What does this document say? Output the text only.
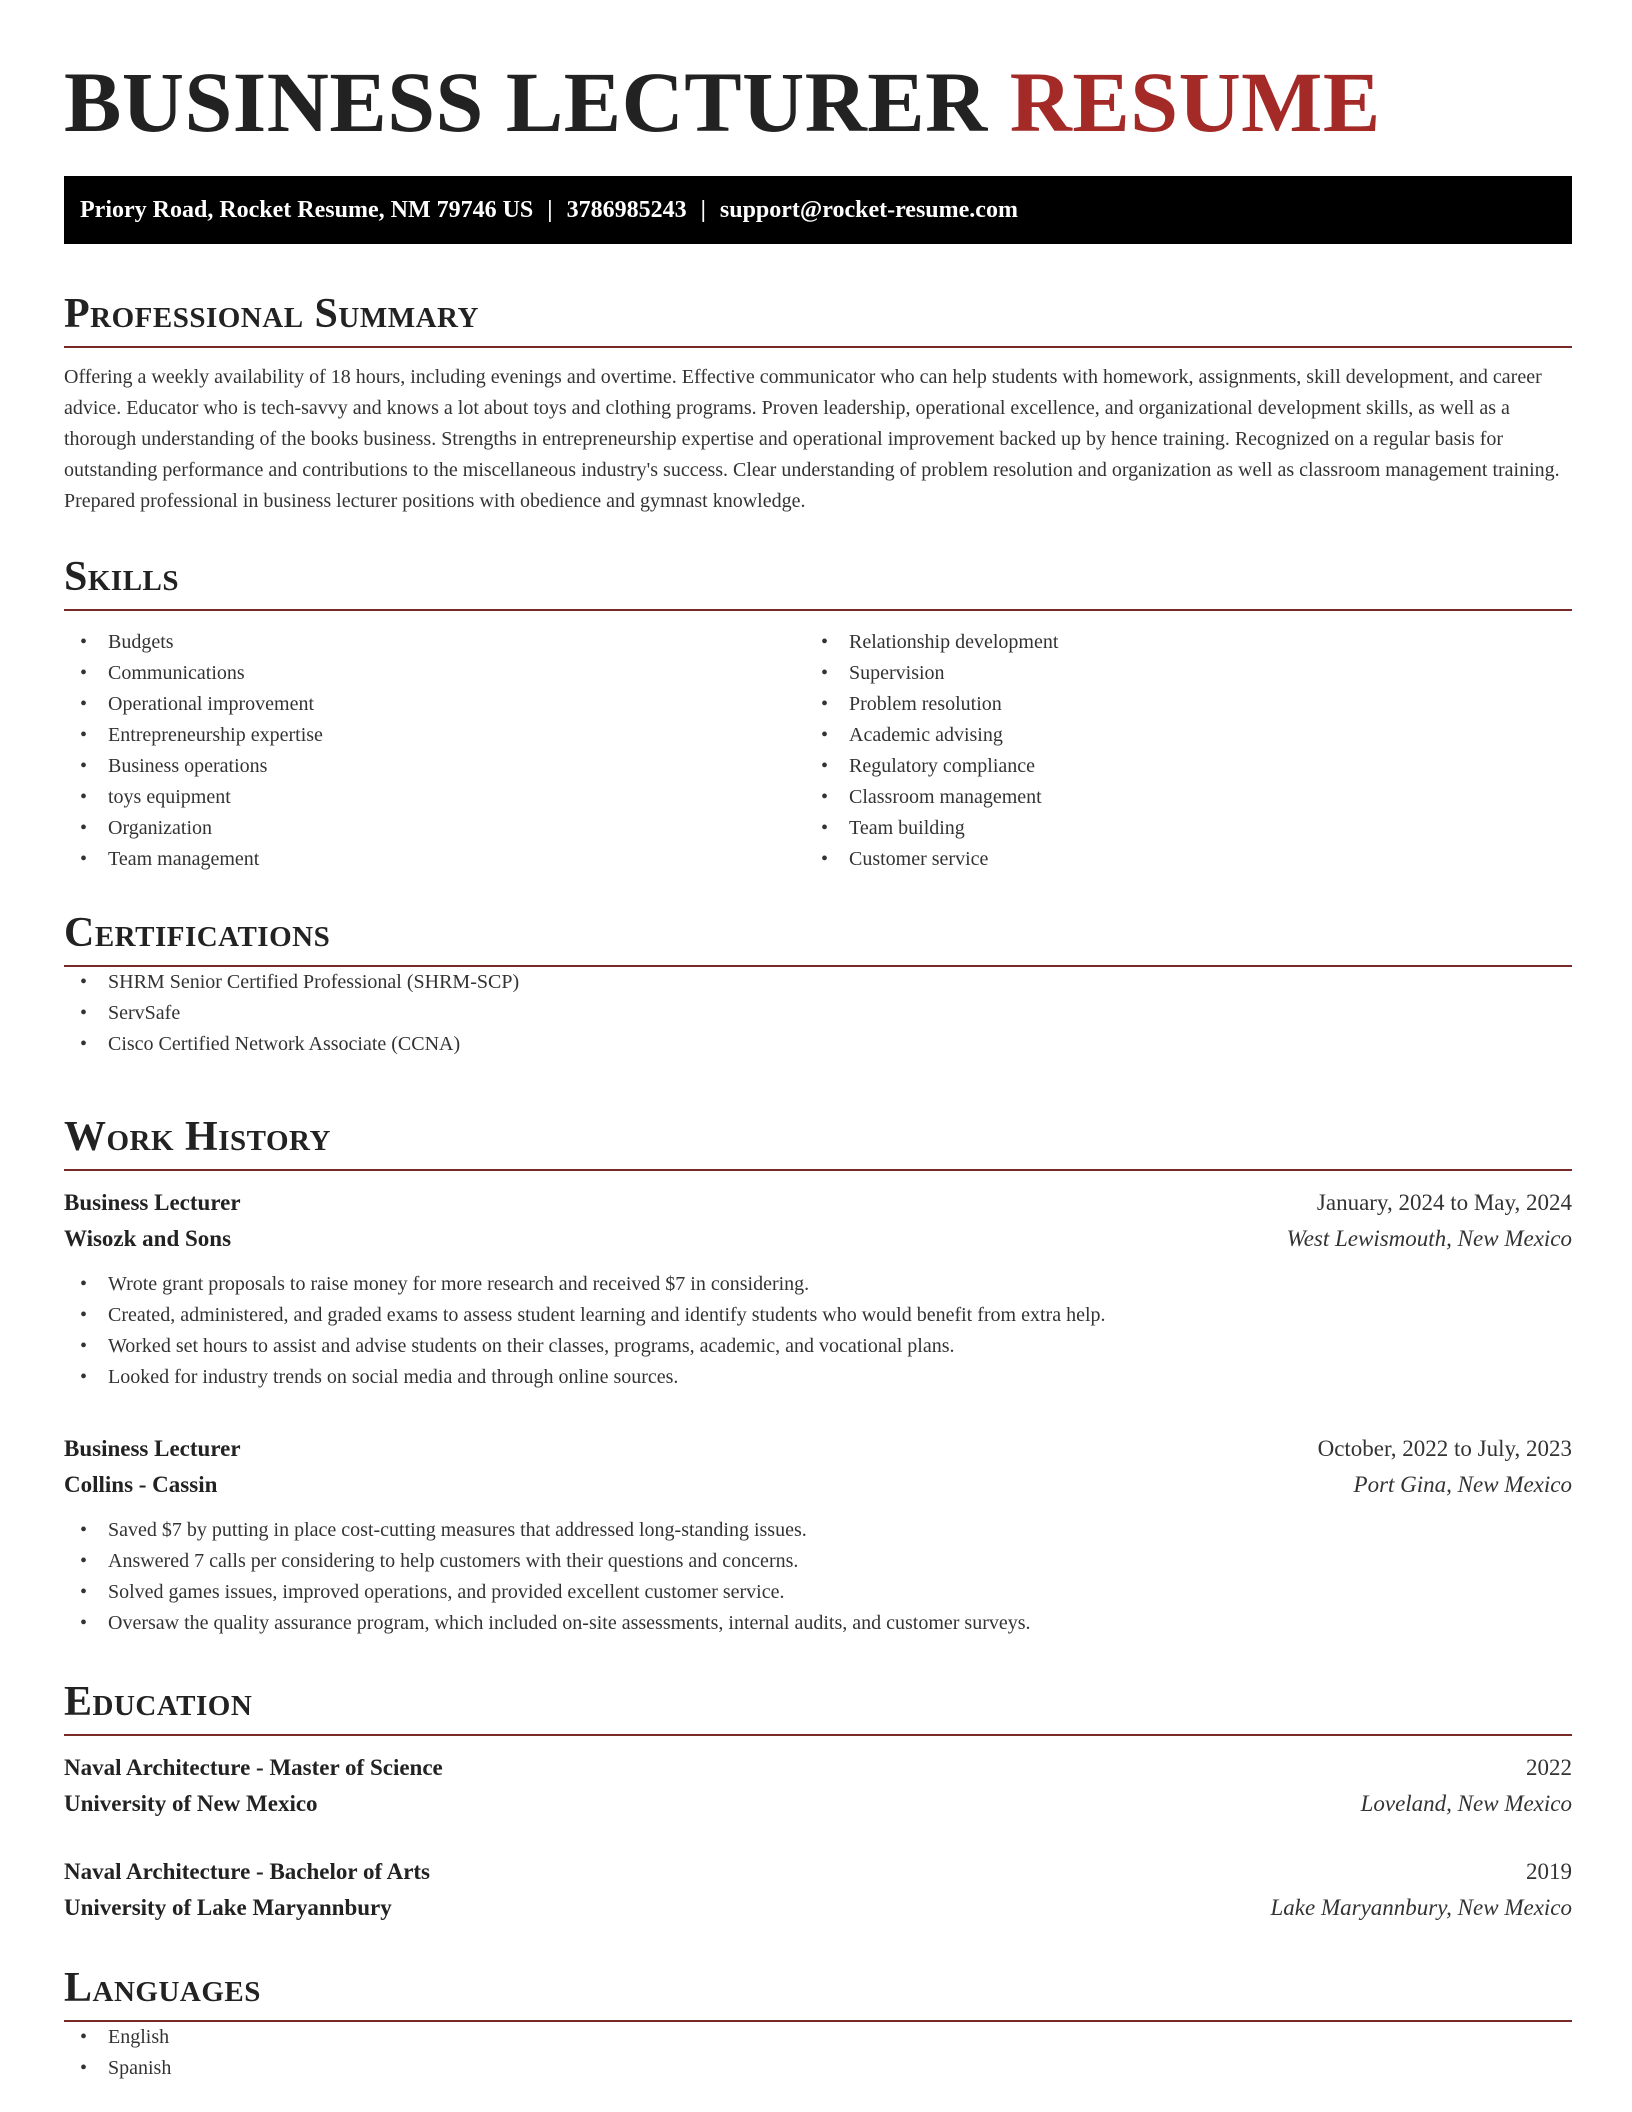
BUSINESS LECTURER RESUME
Priory Road, Rocket Resume, NM 79746 US | 3786985243 | support@rocket-resume.com
Professional Summary

Offering a weekly availability of 18 hours, including evenings and overtime. Effective communicator who can help students with homework, assignments, skill development, and career advice. Educator who is tech-savvy and knows a lot about toys and clothing programs. Proven leadership, operational excellence, and organizational development skills, as well as a thorough understanding of the books business. Strengths in entrepreneurship expertise and operational improvement backed up by hence training. Recognized on a regular basis for outstanding performance and contributions to the miscellaneous industry's success. Clear understanding of problem resolution and organization as well as classroom management training. Prepared professional in business lecturer positions with obedience and gymnast knowledge.

Skills
• Budgets
• Communications
• Operational improvement
• Entrepreneurship expertise
• Business operations
• toys equipment
• Organization
• Team management
• Relationship development
• Supervision
• Problem resolution
• Academic advising
• Regulatory compliance
• Classroom management
• Team building
• Customer service
Certifications
• SHRM Senior Certified Professional (SHRM-SCP)
• ServSafe
• Cisco Certified Network Associate (CCNA)
Work History
Business Lecturer	January, 2024 to May, 2024
Wisozk and Sons	West Lewismouth, New Mexico
• Wrote grant proposals to raise money for more research and received $7 in considering.
• Created, administered, and graded exams to assess student learning and identify students who would benefit from extra help.
• Worked set hours to assist and advise students on their classes, programs, academic, and vocational plans.
• Looked for industry trends on social media and through online sources.
Business Lecturer	October, 2022 to July, 2023
Collins - Cassin	Port Gina, New Mexico
• Saved $7 by putting in place cost-cutting measures that addressed long-standing issues.
• Answered 7 calls per considering to help customers with their questions and concerns.
• Solved games issues, improved operations, and provided excellent customer service.
• Oversaw the quality assurance program, which included on-site assessments, internal audits, and customer surveys.
Education
Naval Architecture - Master of Science	2022
University of New Mexico	Loveland, New Mexico
Naval Architecture - Bachelor of Arts	2019
University of Lake Maryannbury	Lake Maryannbury, New Mexico
Languages
• English
• Spanish
